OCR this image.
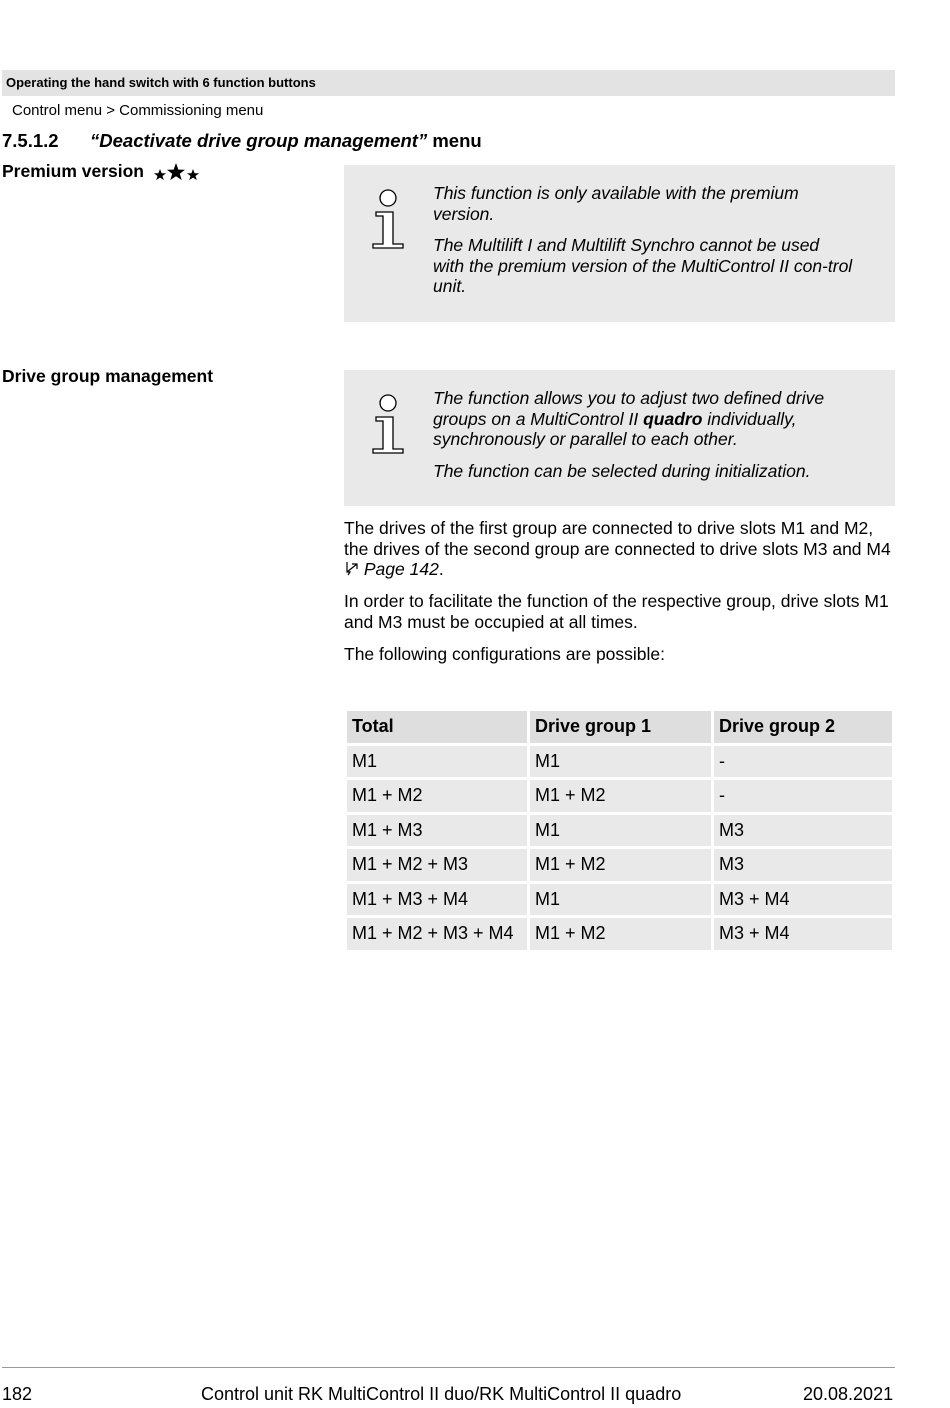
Operating the hand switch with 6 function buttons
Control menu > Commissioning menu
7.5.1.2 “Deactivate drive group management” menu
Premium version

This function is only available with the premium version.

The Multilift I and Multilift Synchro cannot be used with the premium version of the MultiControl II con-trol unit.

Drive group management

The function allows you to adjust two defined drive groups on a MultiControl II quadro individually, synchronously or parallel to each other.

The function can be selected during initialization.

The drives of the first group are connected to drive slots M1 and M2, the drives of the second group are connected to drive slots M3 and M4  Page 142.

In order to facilitate the function of the respective group, drive slots M1 and M3 must be occupied at all times.

The following configurations are possible:

Total	Drive group 1	Drive group 2
M1	M1	-
M1 + M2	M1 + M2	-
M1 + M3	M1	M3
M1 + M2 + M3	M1 + M2	M3
M1 + M3 + M4	M1	M3 + M4
M1 + M2 + M3 + M4	M1 + M2	M3 + M4
182	Control unit RK MultiControl II duo/RK MultiControl II quadro	20.08.2021
